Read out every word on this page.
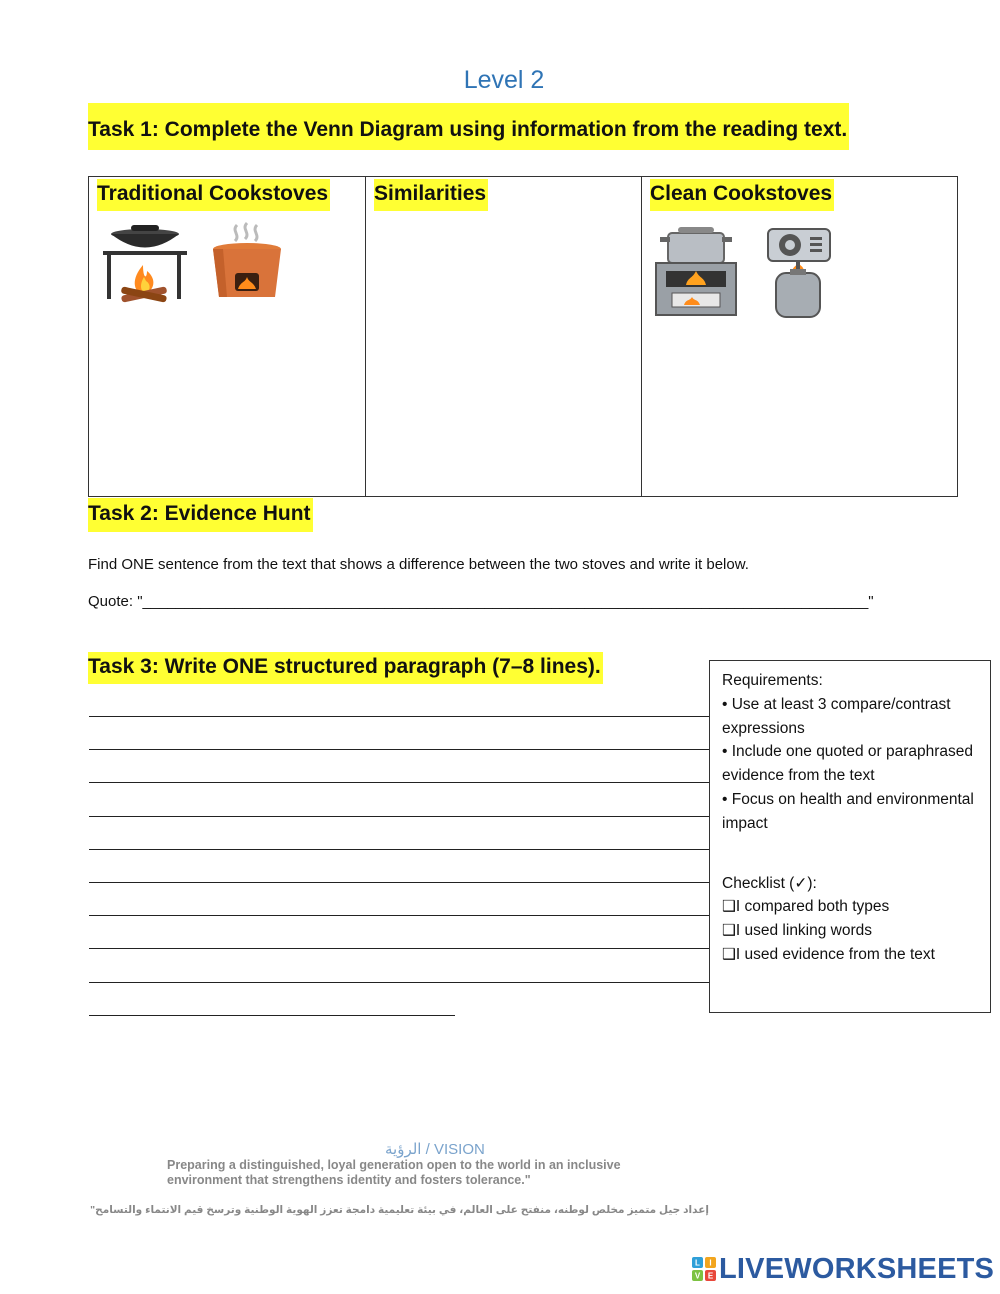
Level 2
Task 1: Complete the Venn Diagram using information from the reading text.
Traditional Cookstoves	Similarities	Clean Cookstoves

Task 2: Evidence Hunt
Find ONE sentence from the text that shows a difference between the two stoves and write it below.
Quote: "_______________________________________________________________________________________"
Task 3: Write ONE structured paragraph (7–8 lines).

Requirements:

• Use at least 3 compare/contrast expressions

• Include one quoted or paraphrased evidence from the text

• Focus on health and environmental impact

Checklist (✓):

❑I compared both types

❑I used linking words

❑I used evidence from the text

الرؤية / VISION
Preparing a distinguished, loyal generation open to the world in an inclusive environment that strengthens identity and fosters tolerance."
إعداد جيل متميز مخلص لوطنه، منفتح على العالم، في بيئة تعليمية دامجة تعزز الهوية الوطنية وترسخ قيم الانتماء والتسامح"
L I
V E LIVEWORKSHEETS
